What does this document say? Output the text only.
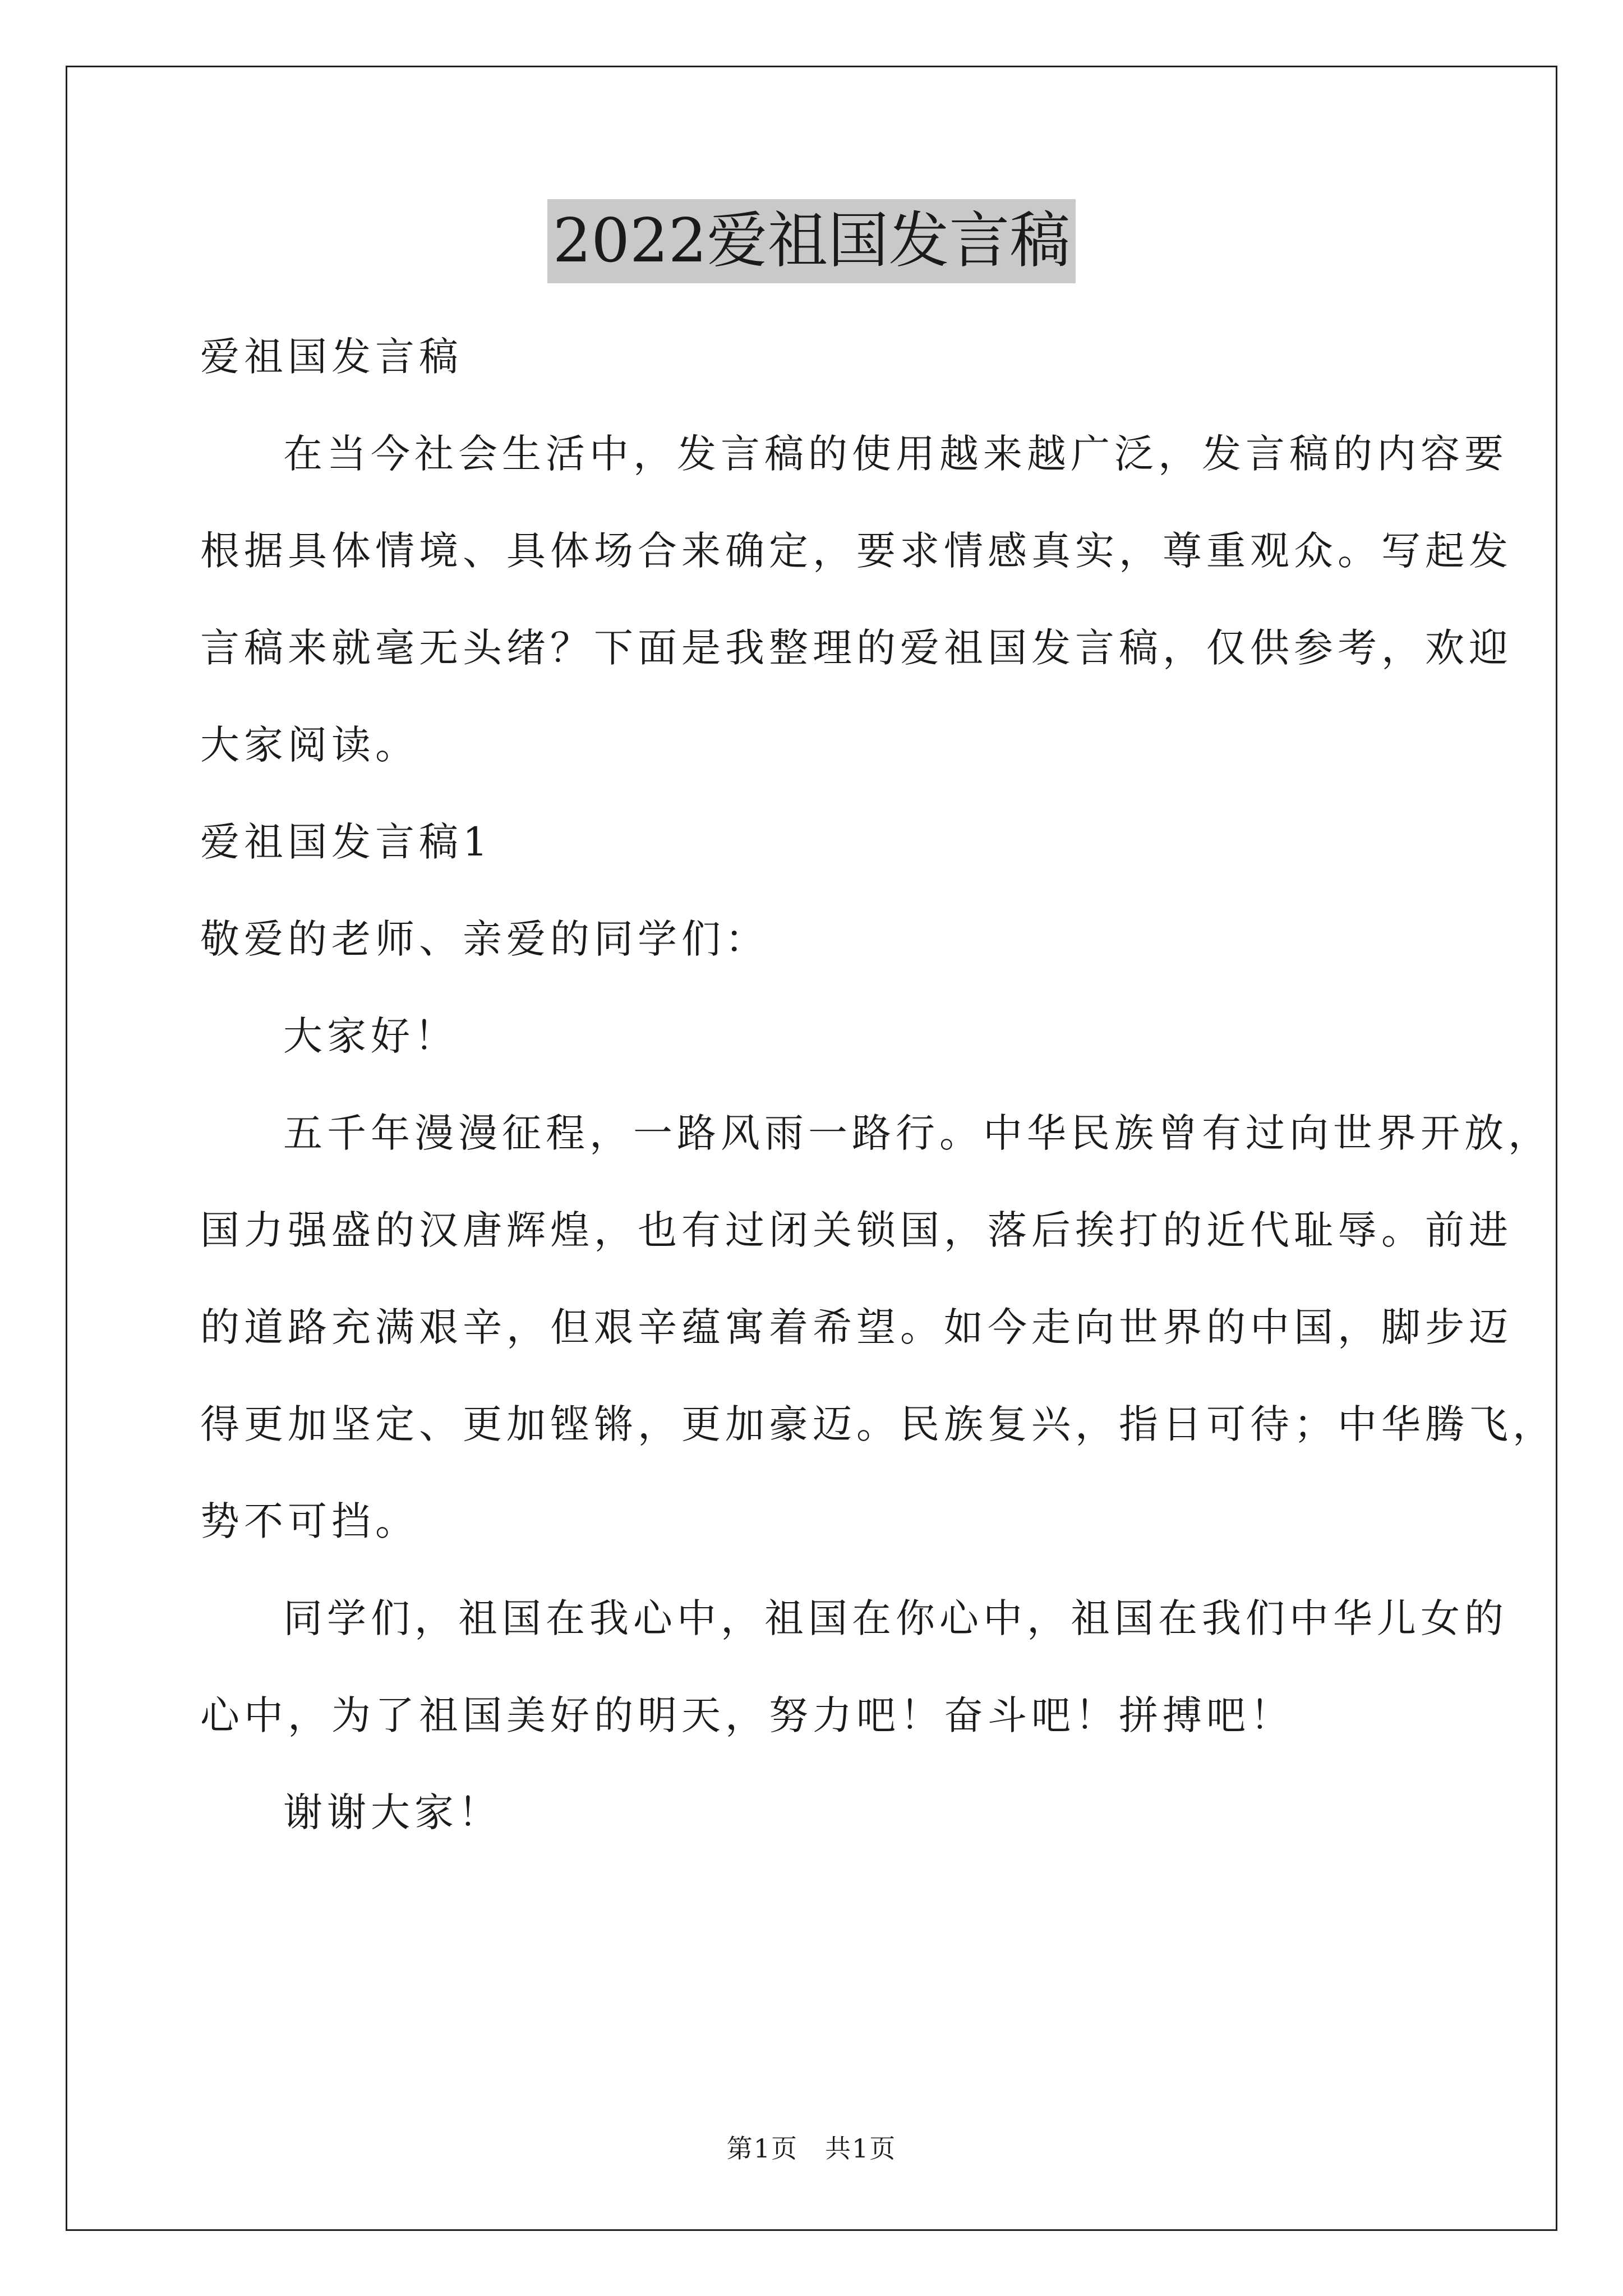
2022爱祖国发言稿
爱祖国发言稿
在当今社会生活中，发言稿的使用越来越广泛，发言稿的内容要
根据具体情境、具体场合来确定，要求情感真实，尊重观众。写起发
言稿来就毫无头绪？下面是我整理的爱祖国发言稿，仅供参考，欢迎
大家阅读。
爱祖国发言稿1
敬爱的老师、亲爱的同学们：
大家好！
五千年漫漫征程，一路风雨一路行。中华民族曾有过向世界开放，
国力强盛的汉唐辉煌，也有过闭关锁国，落后挨打的近代耻辱。前进
的道路充满艰辛，但艰辛蕴寓着希望。如今走向世界的中国，脚步迈
得更加坚定、更加铿锵，更加豪迈。民族复兴，指日可待；中华腾飞，
势不可挡。
同学们，祖国在我心中，祖国在你心中，祖国在我们中华儿女的
心中，为了祖国美好的明天，努力吧！奋斗吧！拼搏吧！
谢谢大家！
第1页　共1页
